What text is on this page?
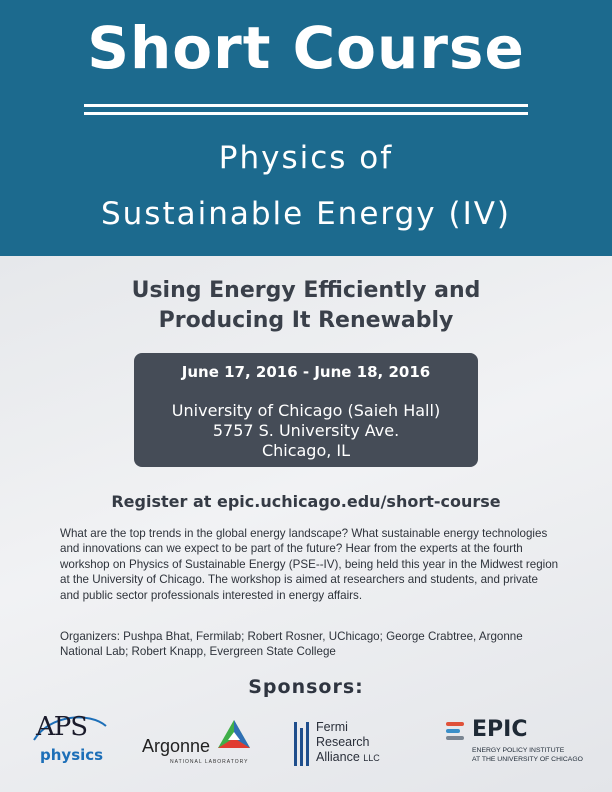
Short Course
Physics of
Sustainable Energy (IV)
Using Energy Efficiently and
Producing It Renewably
June 17, 2016 - June 18, 2016
University of Chicago (Saieh Hall)
5757 S. University Ave.
Chicago, IL
Register at epic.uchicago.edu/short-course
What are the top trends in the global energy landscape? What sustainable energy technologies and innovations can we expect to be part of the future? Hear from the experts at the fourth workshop on Physics of Sustainable Energy (PSE--IV), being held this year in the Midwest region at the University of Chicago. The workshop is aimed at researchers and students, and private and public sector professionals interested in energy affairs.
Organizers: Pushpa Bhat, Fermilab; Robert Rosner, UChicago; George Crabtree, Argonne National Lab; Robert Knapp, Evergreen State College
Sponsors:
APS
physics Argonne
NATIONAL LABORATORY
Fermi
Research
Alliance LLC
EPIC
ENERGY POLICY INSTITUTE
AT THE UNIVERSITY OF CHICAGO
